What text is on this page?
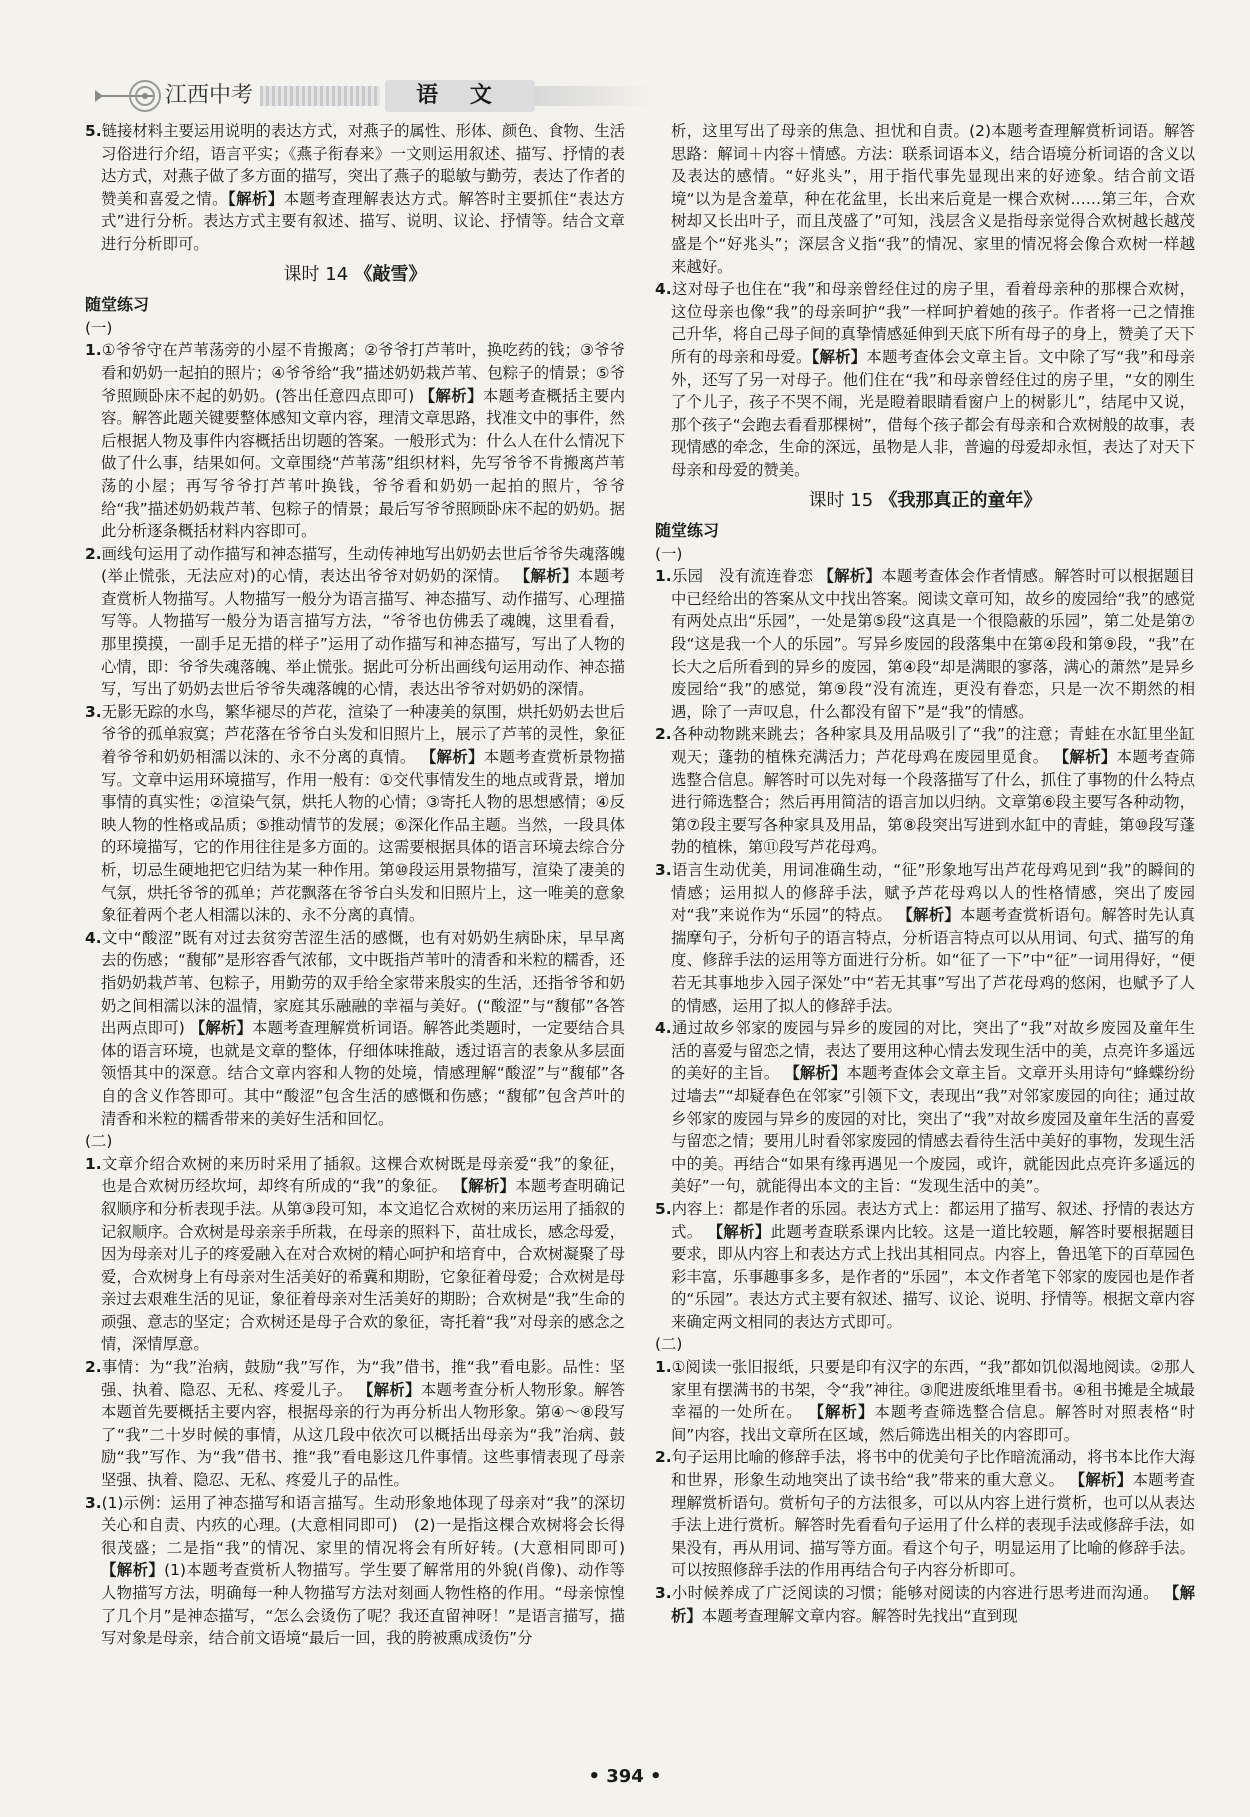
江西中考	语 文

5.链接材料主要运用说明的表达方式，对燕子的属性、形体、颜色、食物、生活习俗进行介绍，语言平实；《燕子衔春来》一文则运用叙述、描写、抒情的表达方式，对燕子做了多方面的描写，突出了燕子的聪敏与勤劳，表达了作者的赞美和喜爱之情。【解析】本题考查理解表达方式。解答时主要抓住“表达方式”进行分析。表达方式主要有叙述、描写、说明、议论、抒情等。结合文章进行分析即可。

课时 14 《敲雪》
随堂练习
(一)

1.①爷爷守在芦苇荡旁的小屋不肯搬离；②爷爷打芦苇叶，换吃药的钱；③爷爷看和奶奶一起拍的照片；④爷爷给“我”描述奶奶栽芦苇、包粽子的情景；⑤爷爷照顾卧床不起的奶奶。(答出任意四点即可) 【解析】本题考查概括主要内容。解答此题关键要整体感知文章内容，理清文章思路，找准文中的事件，然后根据人物及事件内容概括出切题的答案。一般形式为：什么人在什么情况下做了什么事，结果如何。文章围绕“芦苇荡”组织材料，先写爷爷不肯搬离芦苇荡的小屋；再写爷爷打芦苇叶换钱，爷爷看和奶奶一起拍的照片，爷爷给“我”描述奶奶栽芦苇、包粽子的情景；最后写爷爷照顾卧床不起的奶奶。据此分析逐条概括材料内容即可。

2.画线句运用了动作描写和神态描写，生动传神地写出奶奶去世后爷爷失魂落魄(举止慌张，无法应对)的心情，表达出爷爷对奶奶的深情。 【解析】本题考查赏析人物描写。人物描写一般分为语言描写、神态描写、动作描写、心理描写等。人物描写一般分为语言描写方法，“爷爷也仿佛丢了魂魄，这里看看，那里摸摸，一副手足无措的样子”运用了动作描写和神态描写，写出了人物的心情，即：爷爷失魂落魄、举止慌张。据此可分析出画线句运用动作、神态描写，写出了奶奶去世后爷爷失魂落魄的心情，表达出爷爷对奶奶的深情。

3.无影无踪的水鸟，繁华褪尽的芦花，渲染了一种凄美的氛围，烘托奶奶去世后爷爷的孤单寂寞；芦花落在爷爷白头发和旧照片上，展示了芦苇的灵性，象征着爷爷和奶奶相濡以沫的、永不分离的真情。 【解析】本题考查赏析景物描写。文章中运用环境描写，作用一般有：①交代事情发生的地点或背景，增加事情的真实性；②渲染气氛，烘托人物的心情；③寄托人物的思想感情；④反映人物的性格或品质；⑤推动情节的发展；⑥深化作品主题。当然，一段具体的环境描写，它的作用往往是多方面的。这需要根据具体的语言环境去综合分析，切忌生硬地把它归结为某一种作用。第⑩段运用景物描写，渲染了凄美的气氛，烘托爷爷的孤单；芦花飘落在爷爷白头发和旧照片上，这一唯美的意象象征着两个老人相濡以沫的、永不分离的真情。

4.文中“酸涩”既有对过去贫穷苦涩生活的感慨，也有对奶奶生病卧床，早早离去的伤感；“馥郁”是形容香气浓郁，文中既指芦苇叶的清香和米粒的糯香，还指奶奶栽芦苇、包粽子，用勤劳的双手给全家带来殷实的生活，还指爷爷和奶奶之间相濡以沫的温情，家庭其乐融融的幸福与美好。(“酸涩”与“馥郁”各答出两点即可) 【解析】本题考查理解赏析词语。解答此类题时，一定要结合具体的语言环境，也就是文章的整体，仔细体味推敲，透过语言的表象从多层面领悟其中的深意。结合文章内容和人物的处境，情感理解“酸涩”与“馥郁”各自的含义作答即可。其中“酸涩”包含生活的感慨和伤感；“馥郁”包含芦叶的清香和米粒的糯香带来的美好生活和回忆。

(二)

1.文章介绍合欢树的来历时采用了插叙。这棵合欢树既是母亲爱“我”的象征，也是合欢树历经坎坷，却终有所成的“我”的象征。 【解析】本题考查明确记叙顺序和分析表现手法。从第③段可知，本文追忆合欢树的来历运用了插叙的记叙顺序。合欢树是母亲亲手所栽，在母亲的照料下，苗壮成长，感念母爱，因为母亲对儿子的疼爱融入在对合欢树的精心呵护和培育中，合欢树凝聚了母爱，合欢树身上有母亲对生活美好的希冀和期盼，它象征着母爱；合欢树是母亲过去艰难生活的见证，象征着母亲对生活美好的期盼；合欢树是“我”生命的顽强、意志的坚定；合欢树还是母子合欢的象征，寄托着“我”对母亲的感念之情，深情厚意。

2.事情：为“我”治病，鼓励“我”写作，为“我”借书，推“我”看电影。品性：坚强、执着、隐忍、无私、疼爱儿子。 【解析】本题考查分析人物形象。解答本题首先要概括主要内容，根据母亲的行为再分析出人物形象。第④～⑧段写了“我”二十岁时候的事情，从这几段中依次可以概括出母亲为“我”治病、鼓励“我”写作、为“我”借书、推“我”看电影这几件事情。这些事情表现了母亲坚强、执着、隐忍、无私、疼爱儿子的品性。

3.(1)示例：运用了神态描写和语言描写。生动形象地体现了母亲对“我”的深切关心和自责、内疚的心理。(大意相同即可)　(2)一是指这棵合欢树将会长得很茂盛；二是指“我”的情况、家里的情况将会有所好转。(大意相同即可) 【解析】(1)本题考查赏析人物描写。学生要了解常用的外貌(肖像)、动作等人物描写方法，明确每一种人物描写方法对刻画人物性格的作用。“母亲惊惶了几个月”是神态描写，“怎么会烫伤了呢？我还直留神呀！”是语言描写，描写对象是母亲，结合前文语境“最后一回，我的胯被熏成烫伤”分

析，这里写出了母亲的焦急、担忧和自责。(2)本题考查理解赏析词语。解答思路：解词＋内容＋情感。方法：联系词语本义，结合语境分析词语的含义以及表达的感情。“好兆头”，用于指代事先显现出来的好迹象。结合前文语境“以为是含羞草，种在花盆里，长出来后竟是一棵合欢树……第三年，合欢树却又长出叶子，而且茂盛了”可知，浅层含义是指母亲觉得合欢树越长越茂盛是个“好兆头”；深层含义指“我”的情况、家里的情况将会像合欢树一样越来越好。

4.这对母子也住在“我”和母亲曾经住过的房子里，看着母亲种的那棵合欢树，这位母亲也像“我”的母亲呵护“我”一样呵护着她的孩子。作者将一己之情推己升华，将自己母子间的真挚情感延伸到天底下所有母子的身上，赞美了天下所有的母亲和母爱。【解析】本题考查体会文章主旨。文中除了写“我”和母亲外，还写了另一对母子。他们住在“我”和母亲曾经住过的房子里，“女的刚生了个儿子，孩子不哭不闹，光是瞪着眼睛看窗户上的树影儿”，结尾中又说，那个孩子“会跑去看看那棵树”，借每个孩子都会有母亲和合欢树般的故事，表现情感的牵念，生命的深远，虽物是人非，普遍的母爱却永恒，表达了对天下母亲和母爱的赞美。

课时 15 《我那真正的童年》
随堂练习
(一)

1.乐园　没有流连眷恋 【解析】本题考查体会作者情感。解答时可以根据题目中已经给出的答案从文中找出答案。阅读文章可知，故乡的废园给“我”的感觉有两处点出“乐园”，一处是第⑤段“这真是一个很隐蔽的乐园”，第二处是第⑦段“这是我一个人的乐园”。写异乡废园的段落集中在第④段和第⑨段，“我”在长大之后所看到的异乡的废园，第④段“却是满眼的寥落，满心的萧然”是异乡废园给“我”的感觉，第⑨段“没有流连，更没有眷恋，只是一次不期然的相遇，除了一声叹息，什么都没有留下”是“我”的情感。

2.各种动物跳来跳去；各种家具及用品吸引了“我”的注意；青蛙在水缸里坐缸观天；蓬勃的植株充满活力；芦花母鸡在废园里觅食。 【解析】本题考查筛选整合信息。解答时可以先对每一个段落描写了什么，抓住了事物的什么特点进行筛选整合；然后再用简洁的语言加以归纳。文章第⑥段主要写各种动物，第⑦段主要写各种家具及用品，第⑧段突出写进到水缸中的青蛙，第⑩段写蓬勃的植株，第⑪段写芦花母鸡。

3.语言生动优美，用词准确生动，“征”形象地写出芦花母鸡见到“我”的瞬间的情感；运用拟人的修辞手法，赋予芦花母鸡以人的性格情感，突出了废园对“我”来说作为“乐园”的特点。 【解析】本题考查赏析语句。解答时先认真揣摩句子，分析句子的语言特点，分析语言特点可以从用词、句式、描写的角度、修辞手法的运用等方面进行分析。如“征了一下”中“征”一词用得好，“便若无其事地步入园子深处”中“若无其事”写出了芦花母鸡的悠闲，也赋予了人的情感，运用了拟人的修辞手法。

4.通过故乡邻家的废园与异乡的废园的对比，突出了“我”对故乡废园及童年生活的喜爱与留恋之情，表达了要用这种心情去发现生活中的美，点亮许多遥远的美好的主旨。 【解析】本题考查体会文章主旨。文章开头用诗句“蜂蝶纷纷过墙去”“却疑春色在邻家”引领下文，表现出“我”对邻家废园的向往；通过故乡邻家的废园与异乡的废园的对比，突出了“我”对故乡废园及童年生活的喜爱与留恋之情；要用儿时看邻家废园的情感去看待生活中美好的事物，发现生活中的美。再结合“如果有缘再遇见一个废园，或许，就能因此点亮许多遥远的美好”一句，就能得出本文的主旨：“发现生活中的美”。

5.内容上：都是作者的乐园。表达方式上：都运用了描写、叙述、抒情的表达方式。 【解析】此题考查联系课内比较。这是一道比较题，解答时要根据题目要求，即从内容上和表达方式上找出其相同点。内容上，鲁迅笔下的百草园色彩丰富，乐事趣事多多，是作者的“乐园”，本文作者笔下邻家的废园也是作者的“乐园”。表达方式主要有叙述、描写、议论、说明、抒情等。根据文章内容来确定两文相同的表达方式即可。

(二)

1.①阅读一张旧报纸，只要是印有汉字的东西，“我”都如饥似渴地阅读。②那人家里有摆满书的书架，令“我”神往。③爬进废纸堆里看书。④租书摊是全城最幸福的一处所在。 【解析】本题考查筛选整合信息。解答时对照表格“时间”内容，找出文章所在区域，然后筛选出相关的内容即可。

2.句子运用比喻的修辞手法，将书中的优美句子比作暗流涌动，将书本比作大海和世界，形象生动地突出了读书给“我”带来的重大意义。 【解析】本题考查理解赏析语句。赏析句子的方法很多，可以从内容上进行赏析，也可以从表达手法上进行赏析。解答时先看看句子运用了什么样的表现手法或修辞手法，如果没有，再从用词、描写等方面。看这个句子，明显运用了比喻的修辞手法。可以按照修辞手法的作用再结合句子内容分析即可。

3.小时候养成了广泛阅读的习惯；能够对阅读的内容进行思考进而沟通。 【解析】本题考查理解文章内容。解答时先找出“直到现

• 394 •
